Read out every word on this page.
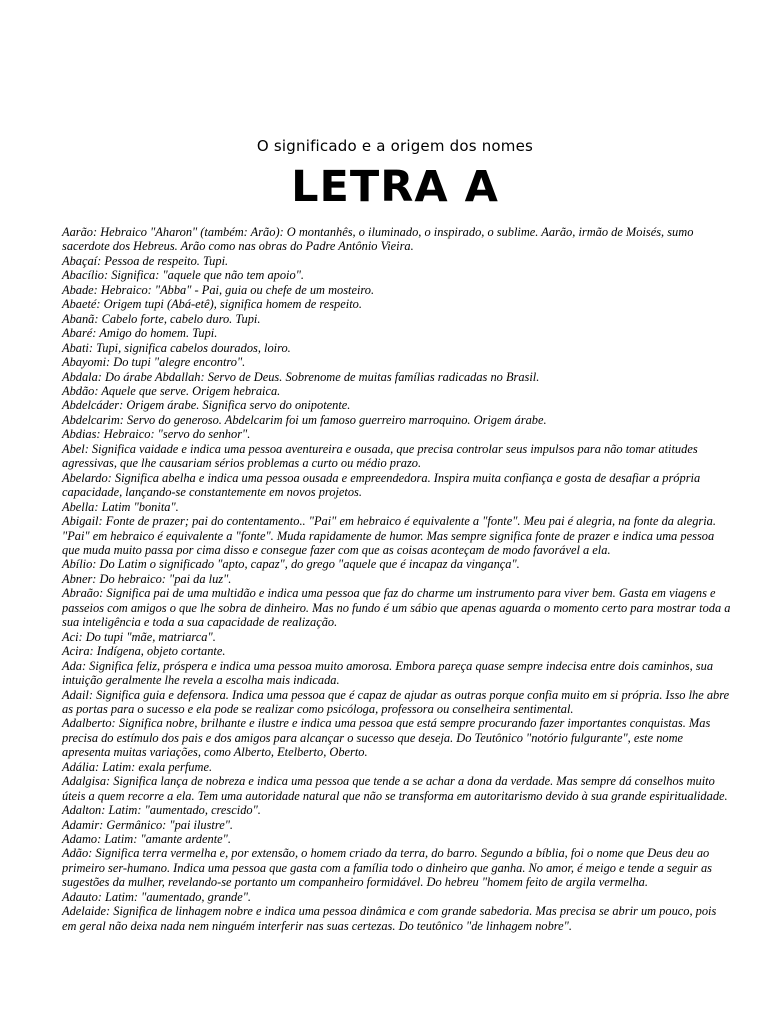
O significado e a origem dos nomes
LETRA A

Aarão: Hebraico "Aharon" (também: Arão): O montanhês, o iluminado, o inspirado, o sublime. Aarão, irmão de Moisés, sumo sacerdote dos Hebreus. Arão como nas obras do Padre Antônio Vieira.

Abaçaí: Pessoa de respeito. Tupi.

Abacílio: Significa: "aquele que não tem apoio".

Abade: Hebraico: "Abba" - Pai, guia ou chefe de um mosteiro.

Abaeté: Origem tupi (Abá-etê), significa homem de respeito.

Abanã: Cabelo forte, cabelo duro. Tupi.

Abaré: Amigo do homem. Tupi.

Abati: Tupi, significa cabelos dourados, loiro.

Abayomi: Do tupi "alegre encontro".

Abdala: Do árabe Abdallah: Servo de Deus. Sobrenome de muitas famílias radicadas no Brasil.

Abdão: Aquele que serve. Origem hebraica.

Abdelcáder: Origem árabe. Significa servo do onipotente.

Abdelcarim: Servo do generoso. Abdelcarim foi um famoso guerreiro marroquino. Origem árabe.

Abdias: Hebraico: "servo do senhor".

Abel: Significa vaidade e indica uma pessoa aventureira e ousada, que precisa controlar seus impulsos para não tomar atitudes agressivas, que lhe causariam sérios problemas a curto ou médio prazo.

Abelardo: Significa abelha e indica uma pessoa ousada e empreendedora. Inspira muita confiança e gosta de desafiar a própria capacidade, lançando-se constantemente em novos projetos.

Abella: Latim "bonita".

Abigail: Fonte de prazer; pai do contentamento.. "Pai" em hebraico é equivalente a "fonte". Meu pai é alegria, na fonte da alegria. "Pai" em hebraico é equivalente a "fonte". Muda rapidamente de humor. Mas sempre significa fonte de prazer e indica uma pessoa que muda muito passa por cima disso e consegue fazer com que as coisas aconteçam de modo favorável a ela.

Abílio: Do Latim o significado "apto, capaz", do grego "aquele que é incapaz da vingança".

Abner: Do hebraico: "pai da luz".

Abraão: Significa pai de uma multidão e indica uma pessoa que faz do charme um instrumento para viver bem. Gasta em viagens e passeios com amigos o que lhe sobra de dinheiro. Mas no fundo é um sábio que apenas aguarda o momento certo para mostrar toda a sua inteligência e toda a sua capacidade de realização.

Aci: Do tupi "mãe, matriarca".

Acira: Indígena, objeto cortante.

Ada: Significa feliz, próspera e indica uma pessoa muito amorosa. Embora pareça quase sempre indecisa entre dois caminhos, sua intuição geralmente lhe revela a escolha mais indicada.

Adail: Significa guia e defensora. Indica uma pessoa que é capaz de ajudar as outras porque confia muito em si própria. Isso lhe abre as portas para o sucesso e ela pode se realizar como psicóloga, professora ou conselheira sentimental.

Adalberto: Significa nobre, brilhante e ilustre e indica uma pessoa que está sempre procurando fazer importantes conquistas. Mas precisa do estímulo dos pais e dos amigos para alcançar o sucesso que deseja. Do Teutônico "notório fulgurante", este nome apresenta muitas variações, como Alberto, Etelberto, Oberto.

Adália: Latim: exala perfume.

Adalgisa: Significa lança de nobreza e indica uma pessoa que tende a se achar a dona da verdade. Mas sempre dá conselhos muito úteis a quem recorre a ela. Tem uma autoridade natural que não se transforma em autoritarismo devido à sua grande espiritualidade.

Adalton: Latim: "aumentado, crescido".

Adamir: Germânico: "pai ilustre".

Adamo: Latim: "amante ardente".

Adão: Significa terra vermelha e, por extensão, o homem criado da terra, do barro. Segundo a bíblia, foi o nome que Deus deu ao primeiro ser-humano. Indica uma pessoa que gasta com a família todo o dinheiro que ganha. No amor, é meigo e tende a seguir as sugestões da mulher, revelando-se portanto um companheiro formidável. Do hebreu "homem feito de argila vermelha.

Adauto: Latim: "aumentado, grande".

Adelaide: Significa de linhagem nobre e indica uma pessoa dinâmica e com grande sabedoria. Mas precisa se abrir um pouco, pois em geral não deixa nada nem ninguém interferir nas suas certezas. Do teutônico "de linhagem nobre".
